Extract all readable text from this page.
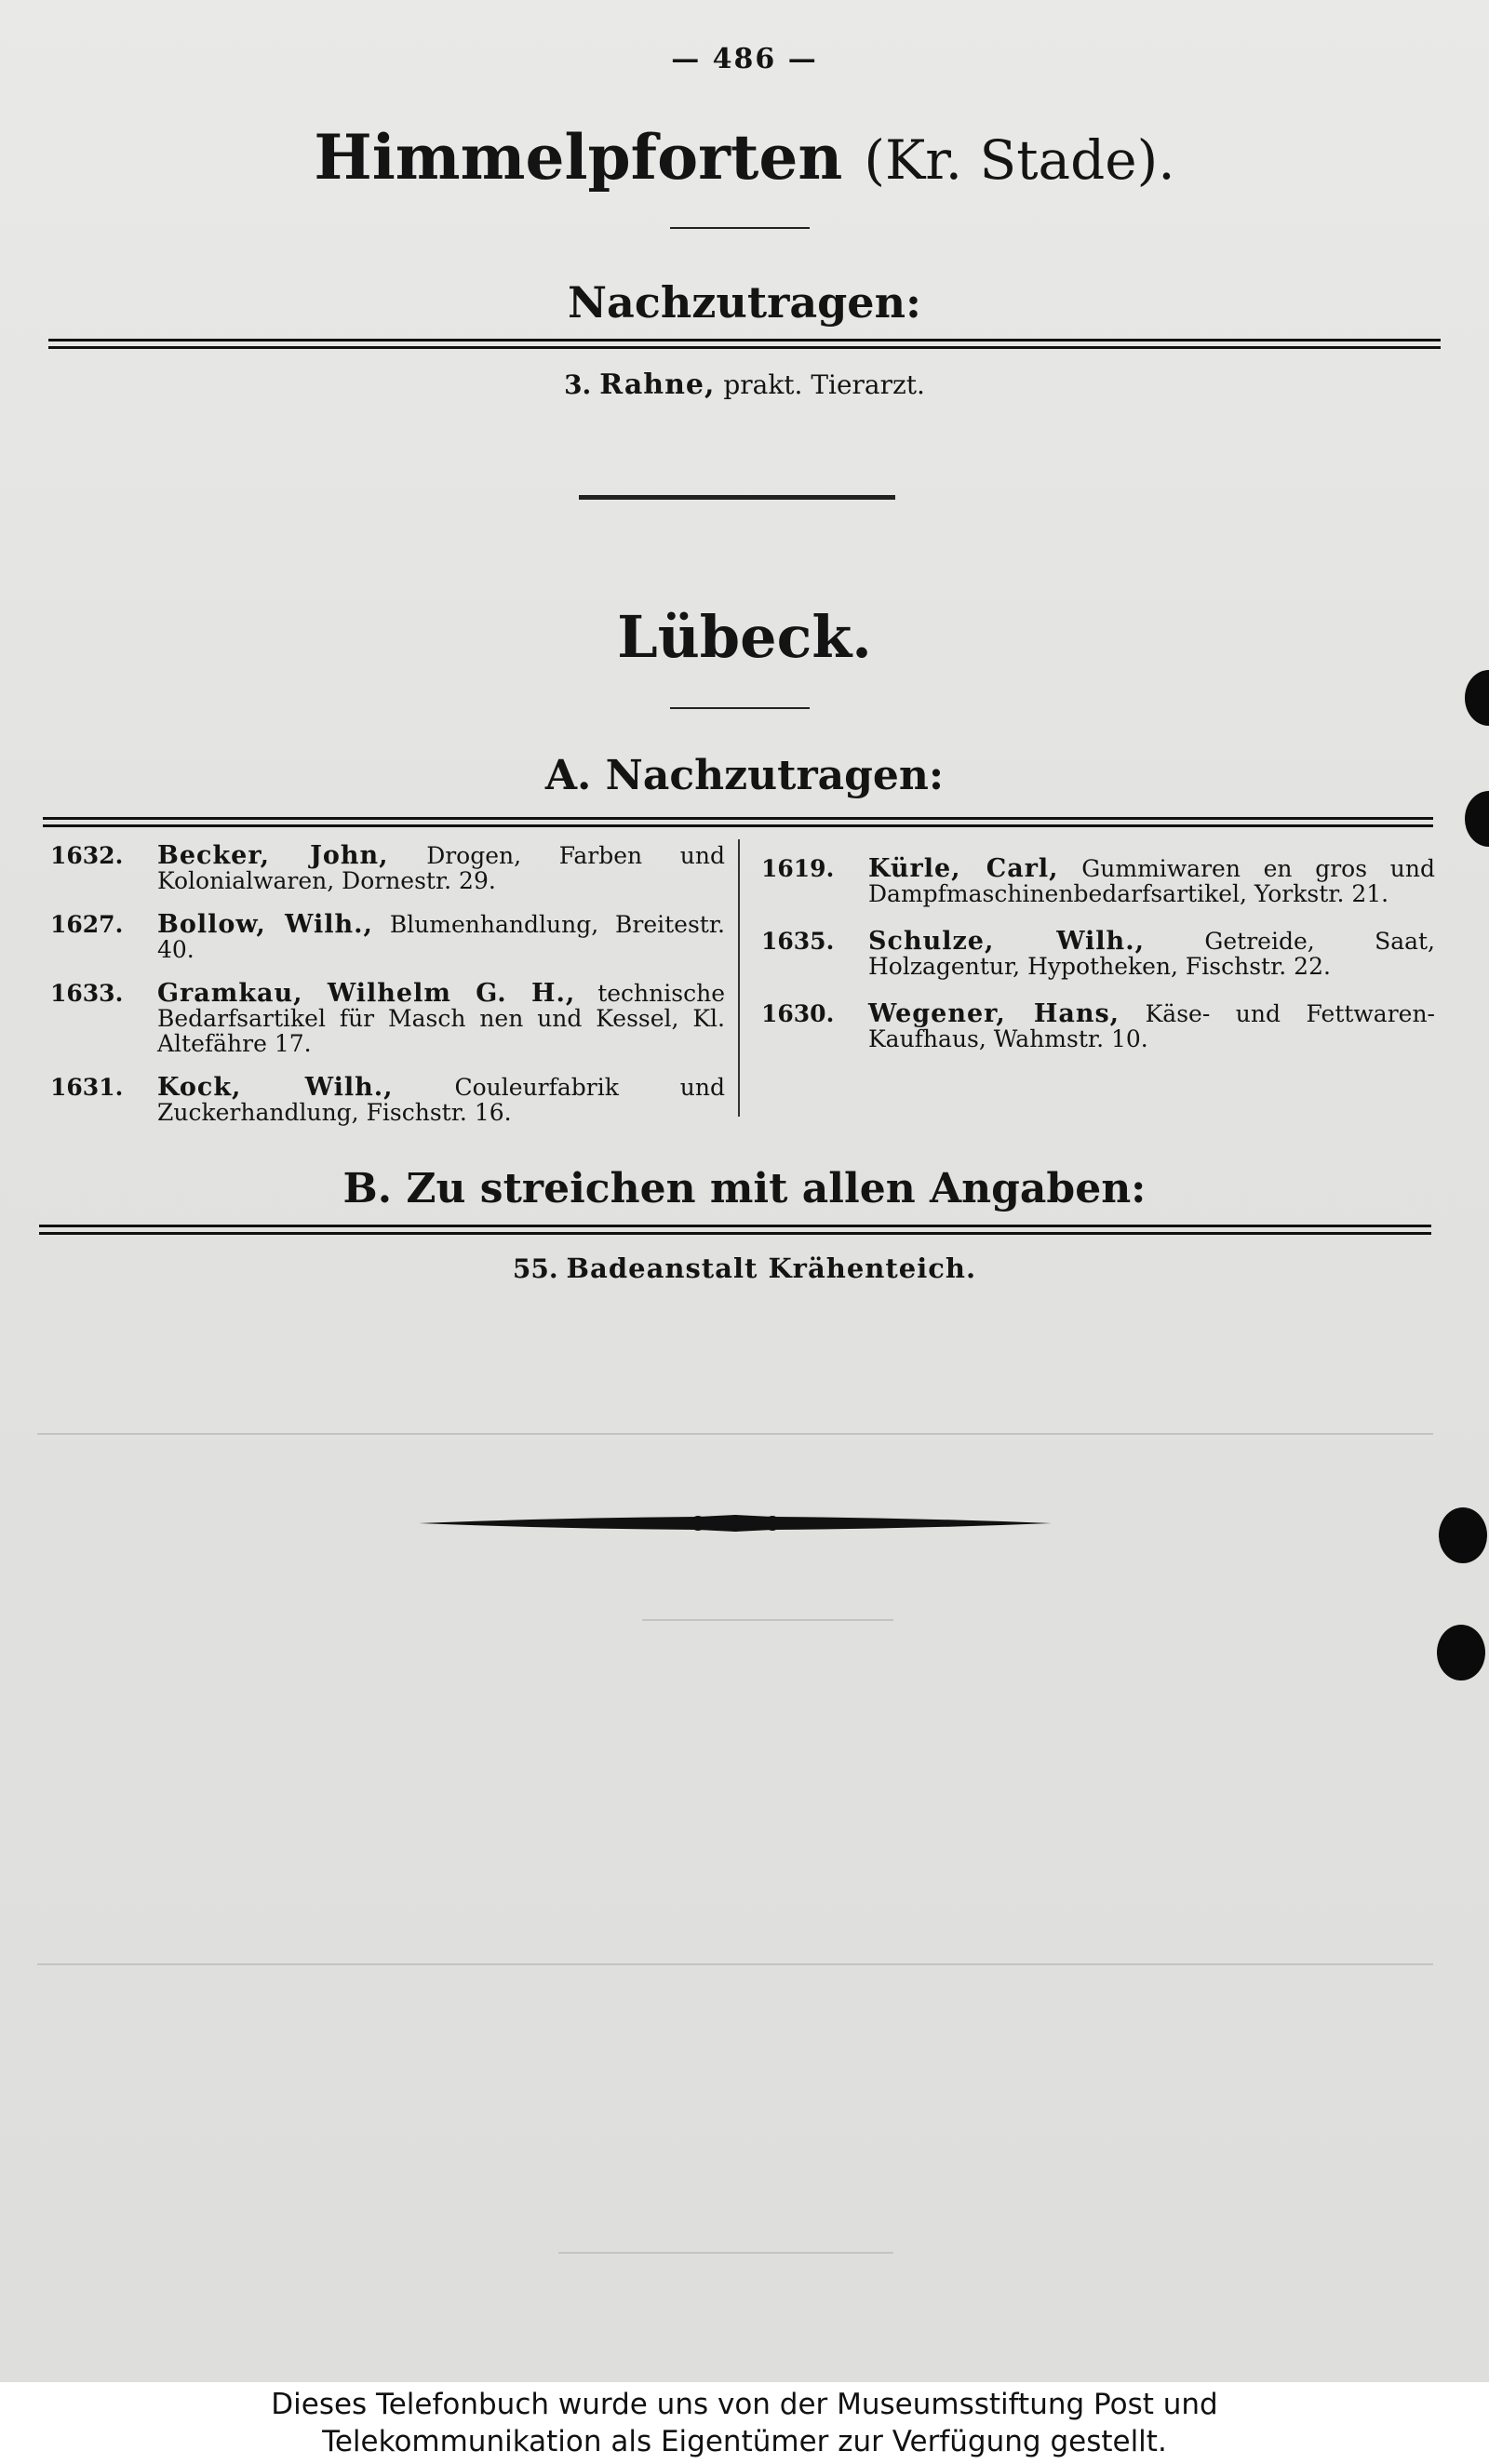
— 486 —
Himmelpforten (Kr. Stade).
Nachzutragen:
3. Rahne, prakt. Tierarzt.
Lübeck.
A. Nachzutragen:
1632.	Becker, John, Drogen, Farben und Kolonialwaren, Dornestr. 29.
1627.	Bollow, Wilh., Blumenhandlung, Breitestr. 40.
1633.	Gramkau, Wilhelm G. H., technische Bedarfsartikel für Masch nen und Kessel, Kl. Altefähre 17.
1631.	Kock, Wilh.,	Couleurfabrik und Zuckerhandlung, Fischstr. 16.
1619.	Kürle, Carl, Gummiwaren en gros und Dampfmaschinenbedarfsartikel, Yorkstr. 21.
1635.	Schulze, Wilh.,	Getreide, Saat, Holzagentur, Hypotheken, Fischstr. 22.
1630.	Wegener, Hans, Käse- und Fettwaren-Kaufhaus, Wahmstr. 10.
B. Zu streichen mit allen Angaben:
55. Badeanstalt Krähenteich.
Dieses Telefonbuch wurde uns von der Museumsstiftung Post und
Telekommunikation als Eigentümer zur Verfügung gestellt.
